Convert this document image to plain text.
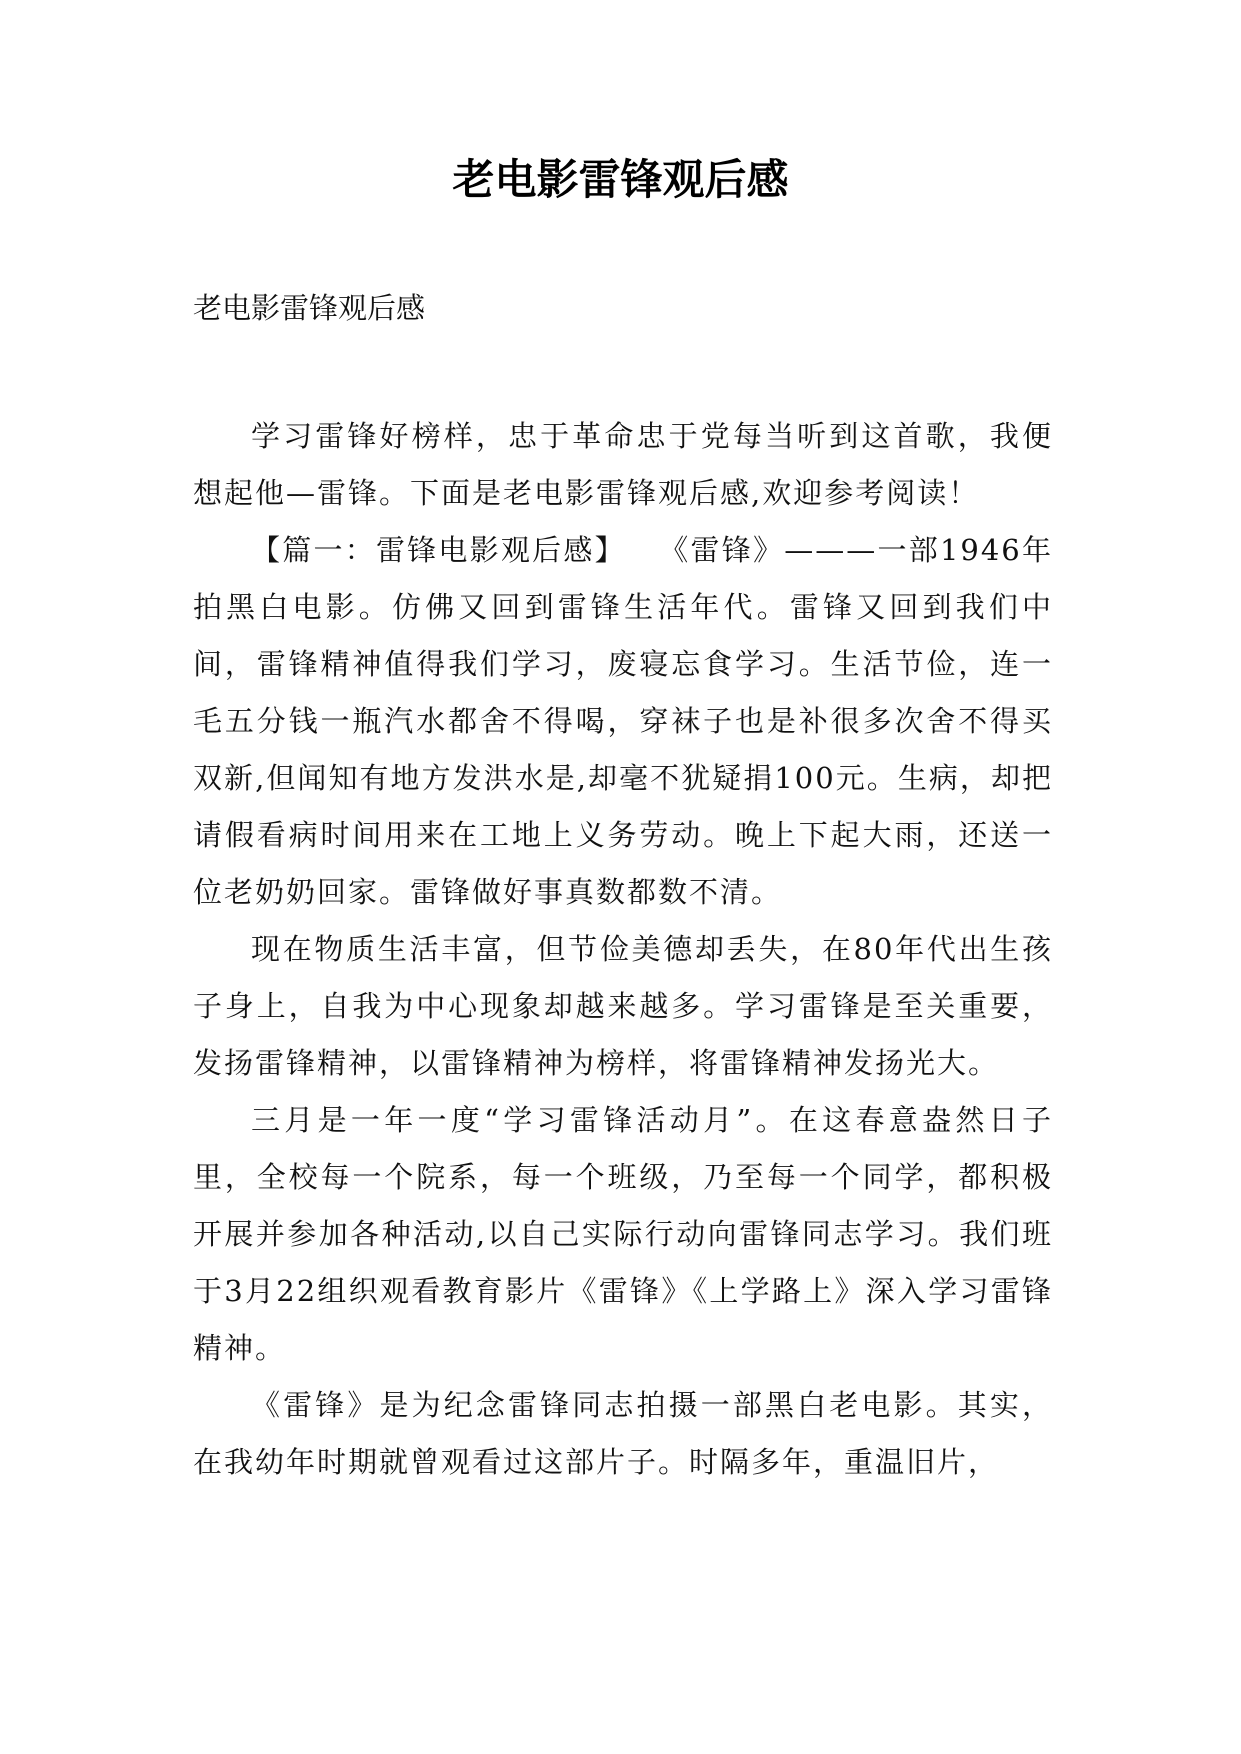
老电影雷锋观后感
老电影雷锋观后感

学习雷锋好榜样，忠于革命忠于党每当听到这首歌，我便想起他—雷锋。下面是老电影雷锋观后感,欢迎参考阅读！

【篇一：雷锋电影观后感】　　《雷锋》———一部1946年拍黑白电影。仿佛又回到雷锋生活年代。雷锋又回到我们中间，雷锋精神值得我们学习，废寝忘食学习。生活节俭，连一毛五分钱一瓶汽水都舍不得喝，穿袜子也是补很多次舍不得买双新,但闻知有地方发洪水是,却毫不犹疑捐100元。生病，却把请假看病时间用来在工地上义务劳动。晚上下起大雨，还送一位老奶奶回家。雷锋做好事真数都数不清。

现在物质生活丰富，但节俭美德却丢失，在80年代出生孩子身上，自我为中心现象却越来越多。学习雷锋是至关重要，发扬雷锋精神，以雷锋精神为榜样，将雷锋精神发扬光大。

三月是一年一度“学习雷锋活动月”。在这春意盎然日子里，全校每一个院系，每一个班级，乃至每一个同学，都积极开展并参加各种活动,以自己实际行动向雷锋同志学习。我们班于3月22组织观看教育影片《雷锋》《上学路上》深入学习雷锋精神。

《雷锋》是为纪念雷锋同志拍摄一部黑白老电影。其实，在我幼年时期就曾观看过这部片子。时隔多年，重温旧片，
